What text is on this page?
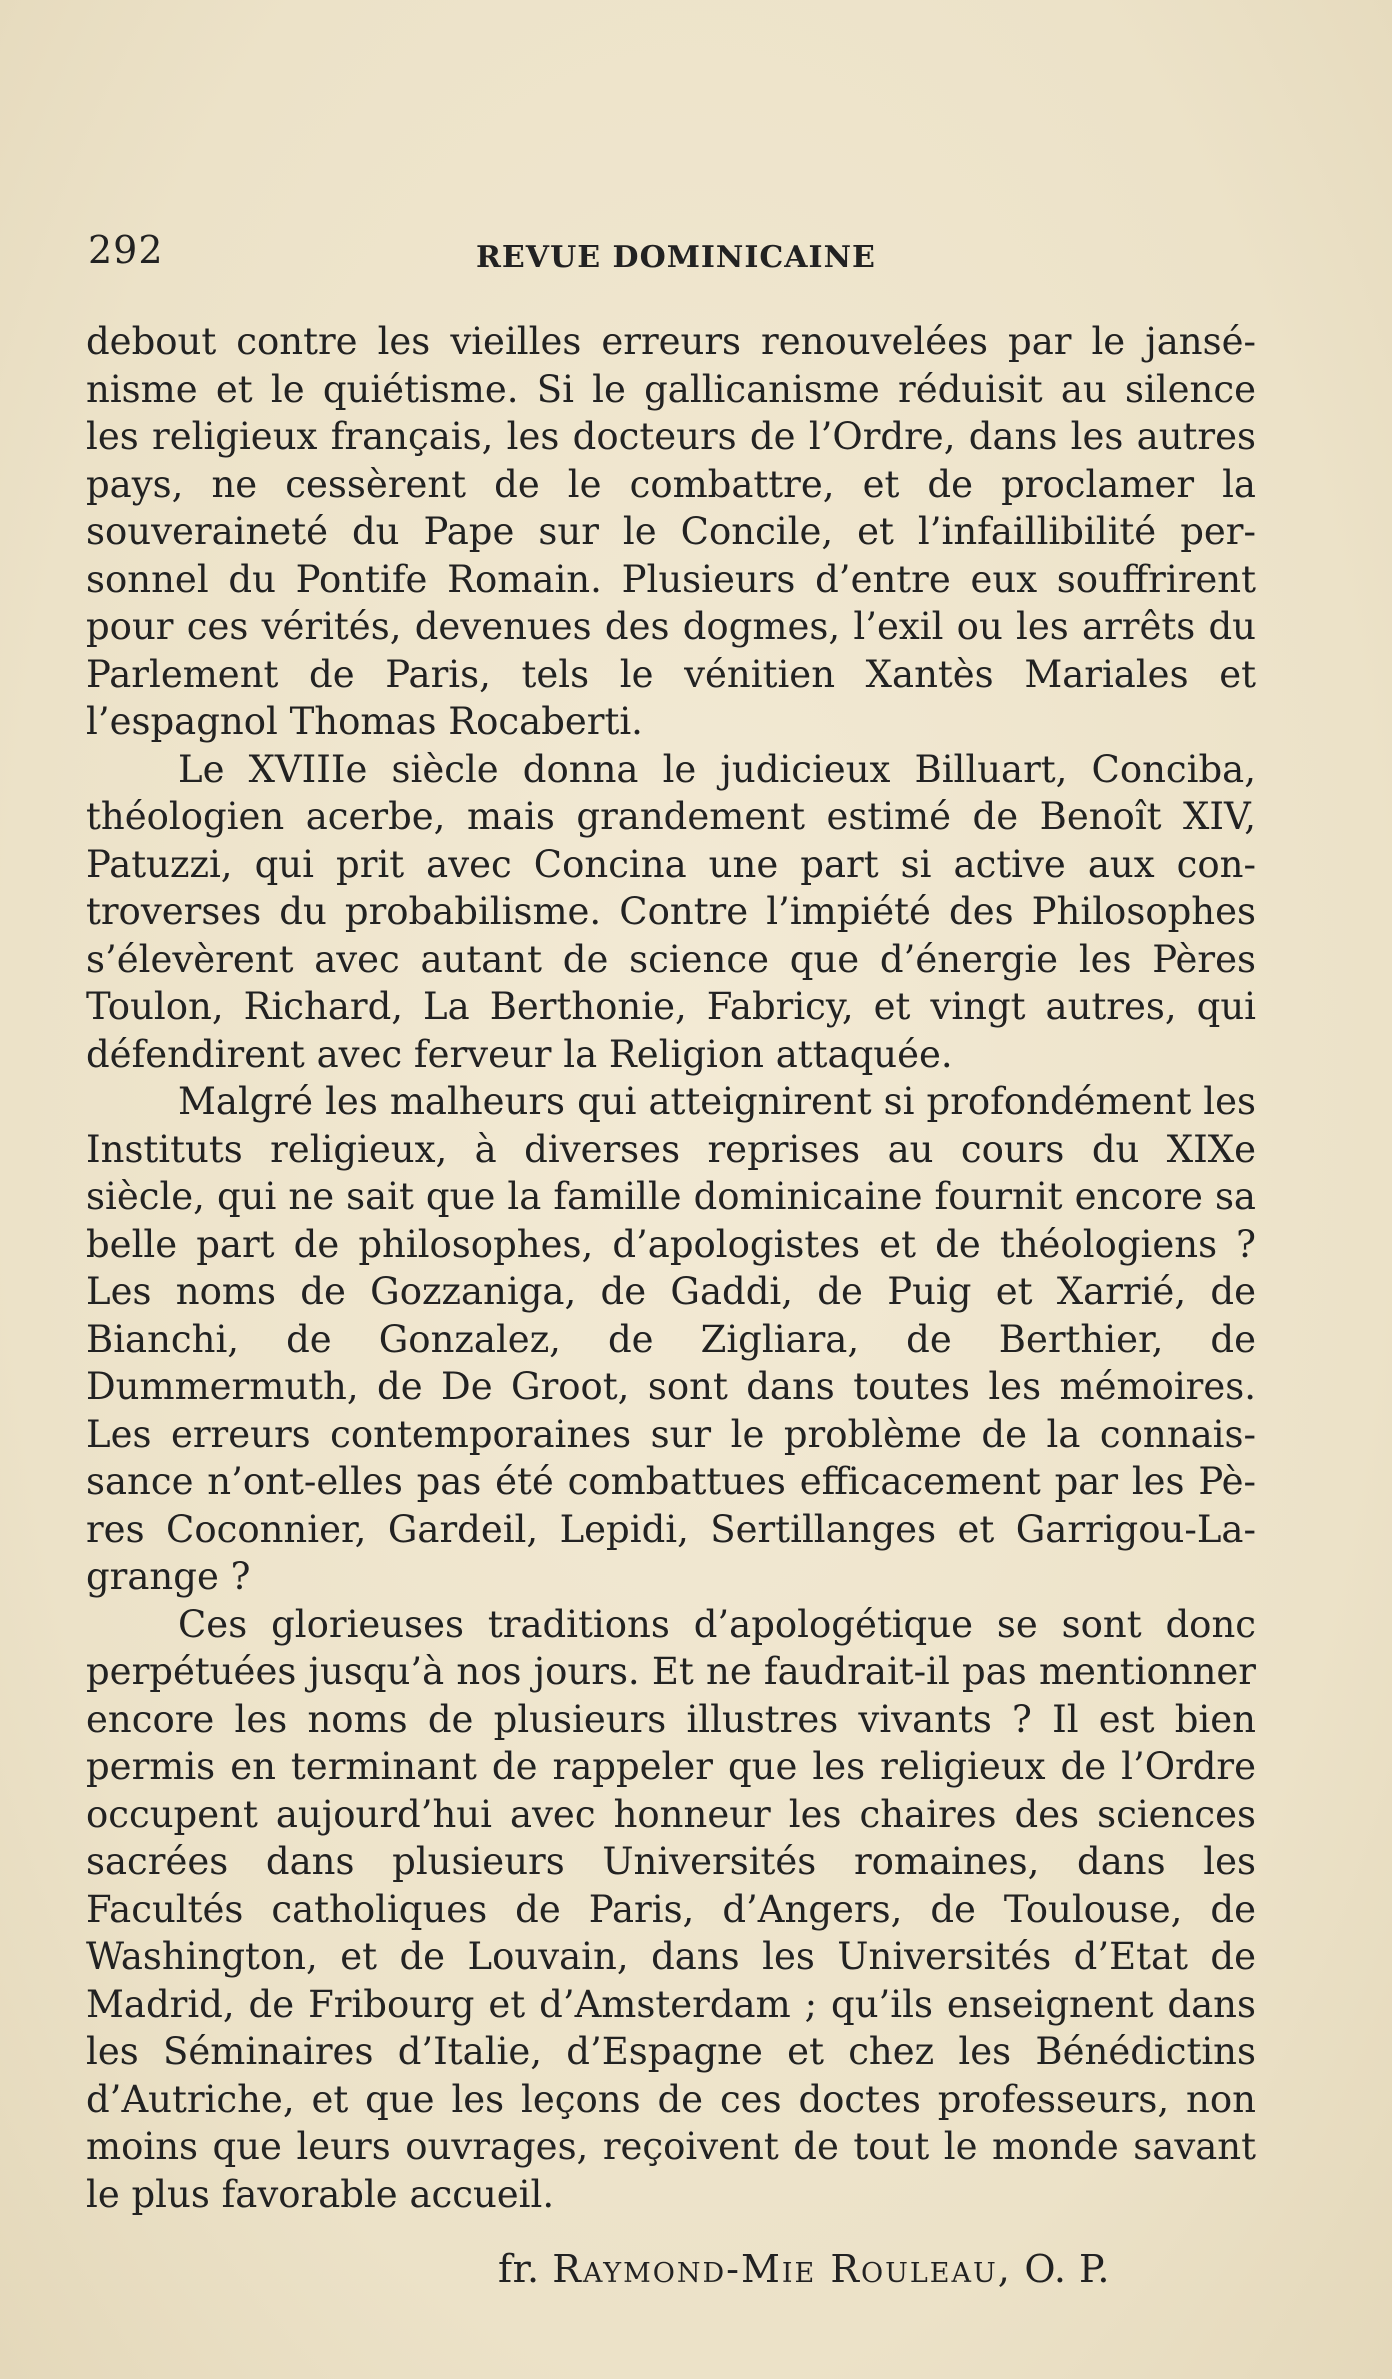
292	REVUE DOMINICAINE

debout contre les vieilles erreurs renouvelées par le jansénisme et le quiétisme. Si le gallicanisme réduisit au silence les religieux français, les docteurs de l’Ordre, dans les autres pays, ne cessèrent de le combattre, et de proclamer la souveraineté du Pape sur le Concile, et l’infaillibilité personnel du Pontife Romain. Plusieurs d’entre eux souffrirent pour ces vérités, devenues des dogmes, l’exil ou les arrêts du Parlement de Paris, tels le vénitien Xantès Mariales et l’espagnol Thomas Rocaberti.

Le XVIIIe siècle donna le judicieux Billuart, Conciba, théologien acerbe, mais grandement estimé de Benoît XIV, Patuzzi, qui prit avec Concina une part si active aux controverses du probabilisme. Contre l’impiété des Philosophes s’élevèrent avec autant de science que d’énergie les Pères Toulon, Richard, La Berthonie, Fabricy, et vingt autres, qui défendirent avec ferveur la Religion attaquée.

Malgré les malheurs qui atteignirent si profondément les Instituts religieux, à diverses reprises au cours du XIXe siècle, qui ne sait que la famille dominicaine fournit encore sa belle part de philosophes, d’apologistes et de théologiens ? Les noms de Gozzaniga, de Gaddi, de Puig et Xarrié, de Bianchi, de Gonzalez, de Zigliara, de Berthier, de Dummermuth, de De Groot, sont dans toutes les mémoires. Les erreurs contemporaines sur le problème de la connaissance n’ont-elles pas été combattues efficacement par les Pères Coconnier, Gardeil, Lepidi, Sertillanges et Garrigou-Lagrange ?

Ces glorieuses traditions d’apologétique se sont donc perpétuées jusqu’à nos jours. Et ne faudrait-il pas mentionner encore les noms de plusieurs illustres vivants ? Il est bien permis en terminant de rappeler que les religieux de l’Ordre occupent aujourd’hui avec honneur les chaires des sciences sacrées dans plusieurs Universités romaines, dans les Facultés catholiques de Paris, d’Angers, de Toulouse, de Washington, et de Louvain, dans les Universités d’Etat de Madrid, de Fribourg et d’Amsterdam ; qu’ils enseignent dans les Séminaires d’Italie, d’Espagne et chez les Bénédictins d’Autriche, et que les leçons de ces doctes professeurs, non moins que leurs ouvrages, reçoivent de tout le monde savant le plus favorable accueil.

fr. Raymond-Mie Rouleau, O. P.
